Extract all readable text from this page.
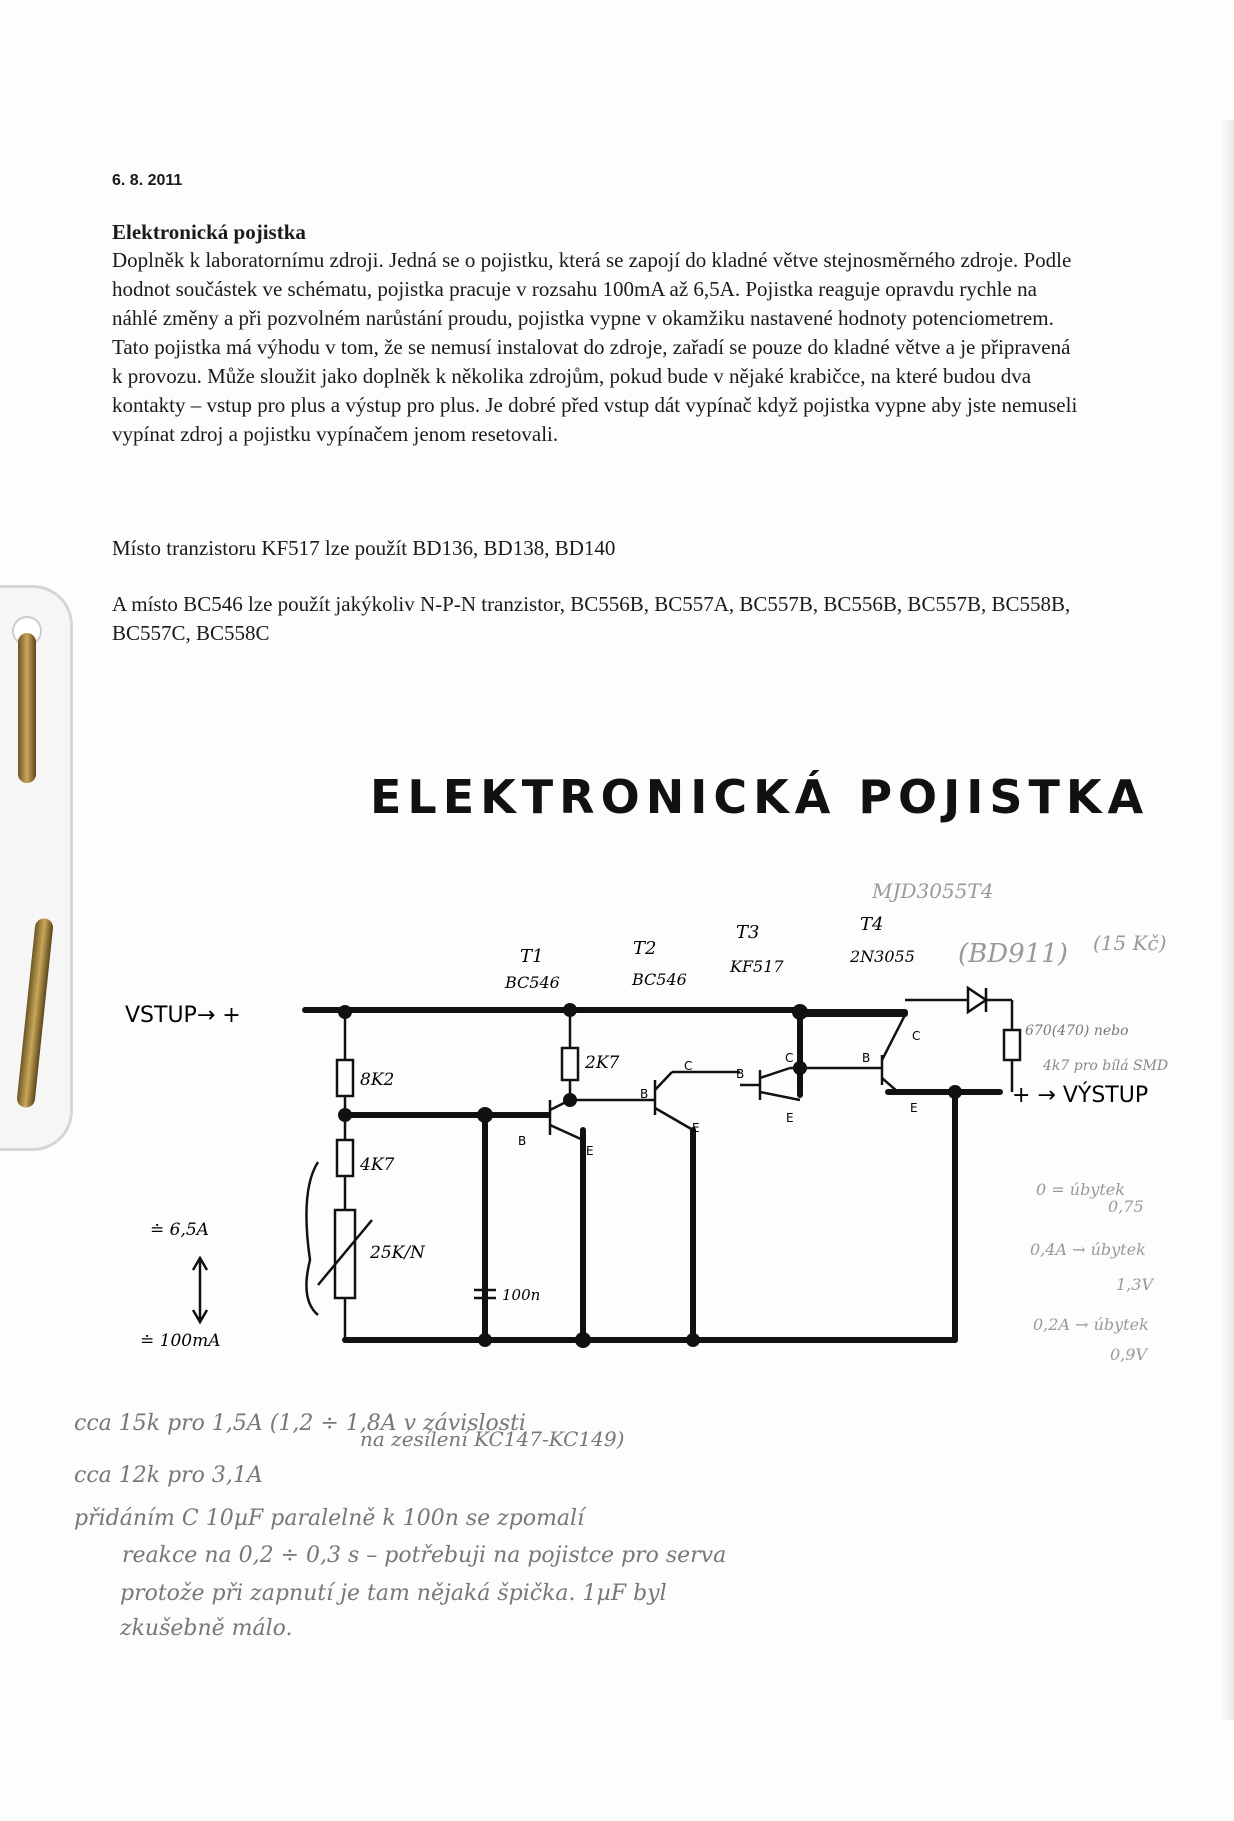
6. 8. 2011
Elektronická pojistka
Doplněk k laboratornímu zdroji. Jedná se o pojistku, která se zapojí do kladné větve stejnosměrného zdroje. Podle hodnot součástek ve schématu, pojistka pracuje v rozsahu 100mA až 6,5A. Pojistka reaguje opravdu rychle na náhlé změny a při pozvolném narůstání proudu, pojistka vypne v okamžiku nastavené hodnoty potenciometrem. Tato pojistka má výhodu v tom, že se nemusí instalovat do zdroje, zařadí se pouze do kladné větve a je připravená k provozu. Může sloužit jako doplněk k několika zdrojům, pokud bude v nějaké krabičce, na které budou dva kontakty – vstup pro plus a výstup pro plus. Je dobré před vstup dát vypínač když pojistka vypne aby jste nemuseli vypínat zdroj a pojistku vypínačem jenom resetovali.
Místo tranzistoru KF517 lze použít BD136, BD138, BD140
A místo BC546 lze použít jakýkoliv N-P-N tranzistor, BC556B, BC557A, BC557B, BC556B, BC557B, BC558B, BC557C, BC558C
ELEKTRONICKÁ POJISTKA
VSTUP→ +
+ → VÝSTUP
T1
BC546
T2
BC546
T3
KF517
T4
2N3055
MJD3055T4
(BD911) (15 Kč)
8K2
4K7
25K/N
2K7
100n
670(470) nebo
4k7 pro bílá SMD
≐ 6,5A
≐ 100mA
B
E
B
C
E
B
C
E
B
C
E
0 = úbytek
0,75
0,4A → úbytek
1,3V
0,2A → úbytek
0,9V
cca 15k pro 1,5A (1,2 ÷ 1,8A v závislosti
na zesílení KC147-KC149)
cca 12k pro 3,1A
přidáním C 10µF paralelně k 100n se zpomalí
reakce na 0,2 ÷ 0,3 s – potřebuji na pojistce pro serva
protože při zapnutí je tam nějaká špička. 1µF byl
zkušebně málo.
